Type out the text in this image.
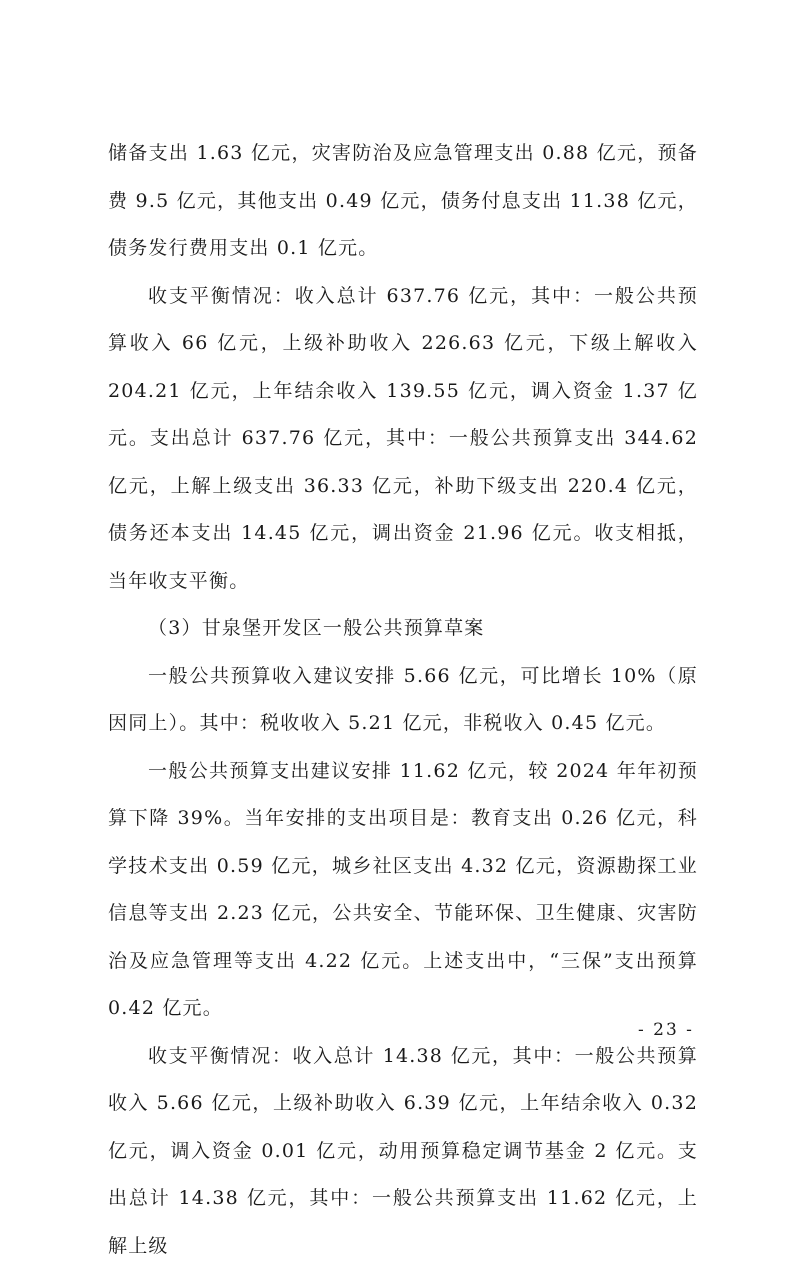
储备支出 1.63 亿元，灾害防治及应急管理支出 0.88 亿元，预备费 9.5 亿元，其他支出 0.49 亿元，债务付息支出 11.38 亿元，债务发行费用支出 0.1 亿元。

收支平衡情况：收入总计 637.76 亿元，其中：一般公共预算收入 66 亿元，上级补助收入 226.63 亿元，下级上解收入 204.21 亿元，上年结余收入 139.55 亿元，调入资金 1.37 亿元。支出总计 637.76 亿元，其中：一般公共预算支出 344.62 亿元，上解上级支出 36.33 亿元，补助下级支出 220.4 亿元，债务还本支出 14.45 亿元，调出资金 21.96 亿元。收支相抵，当年收支平衡。

（3）甘泉堡开发区一般公共预算草案

一般公共预算收入建议安排 5.66 亿元，可比增长 10%（原因同上）。其中：税收收入 5.21 亿元，非税收入 0.45 亿元。

一般公共预算支出建议安排 11.62 亿元，较 2024 年年初预算下降 39%。当年安排的支出项目是：教育支出 0.26 亿元，科学技术支出 0.59 亿元，城乡社区支出 4.32 亿元，资源勘探工业信息等支出 2.23 亿元，公共安全、节能环保、卫生健康、灾害防治及应急管理等支出 4.22 亿元。上述支出中，“三保”支出预算 0.42 亿元。

收支平衡情况：收入总计 14.38 亿元，其中：一般公共预算收入 5.66 亿元，上级补助收入 6.39 亿元，上年结余收入 0.32 亿元，调入资金 0.01 亿元，动用预算稳定调节基金 2 亿元。支出总计 14.38 亿元，其中：一般公共预算支出 11.62 亿元，上解上级

- 23 -
